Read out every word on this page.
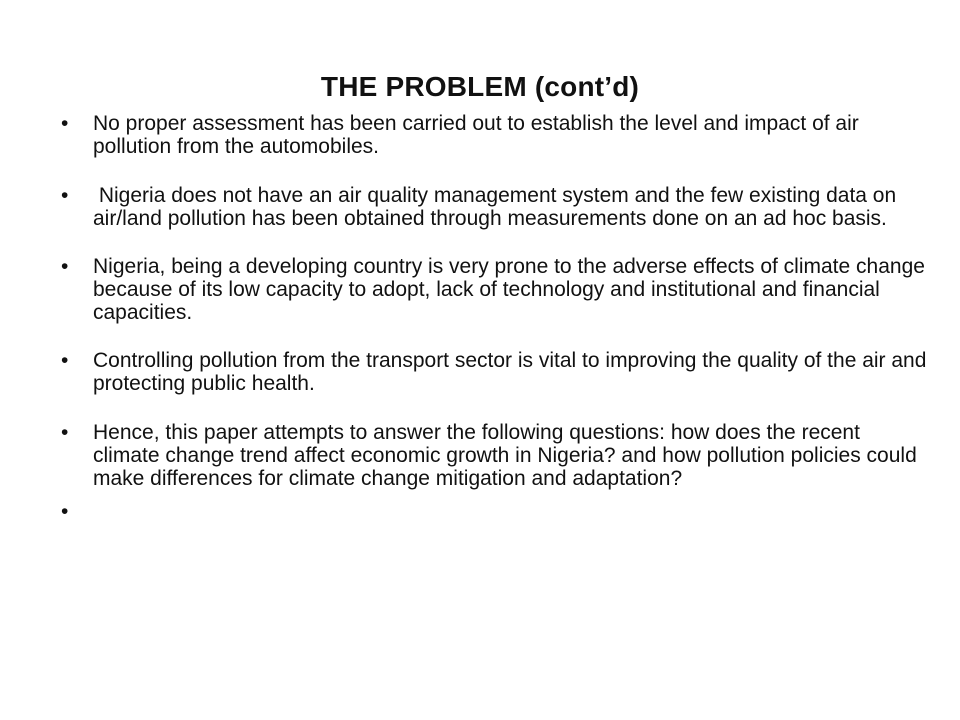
THE PROBLEM (cont’d)
•	No proper assessment has been carried out to establish the level and impact of air pollution from the automobiles.
•	Nigeria does not have an air quality management system and the few existing data on air/land pollution has been obtained through measurements done on an ad hoc basis.
•	Nigeria, being a developing country is very prone to the adverse effects of climate change because of its low capacity to adopt, lack of technology and institutional and financial capacities.
•	Controlling pollution from the transport sector is vital to improving the quality of the air and protecting public health.
•	Hence, this paper attempts to answer the following questions: how does the recent climate change trend affect economic growth in Nigeria? and how pollution policies could make differences for climate change mitigation and adaptation?
•
